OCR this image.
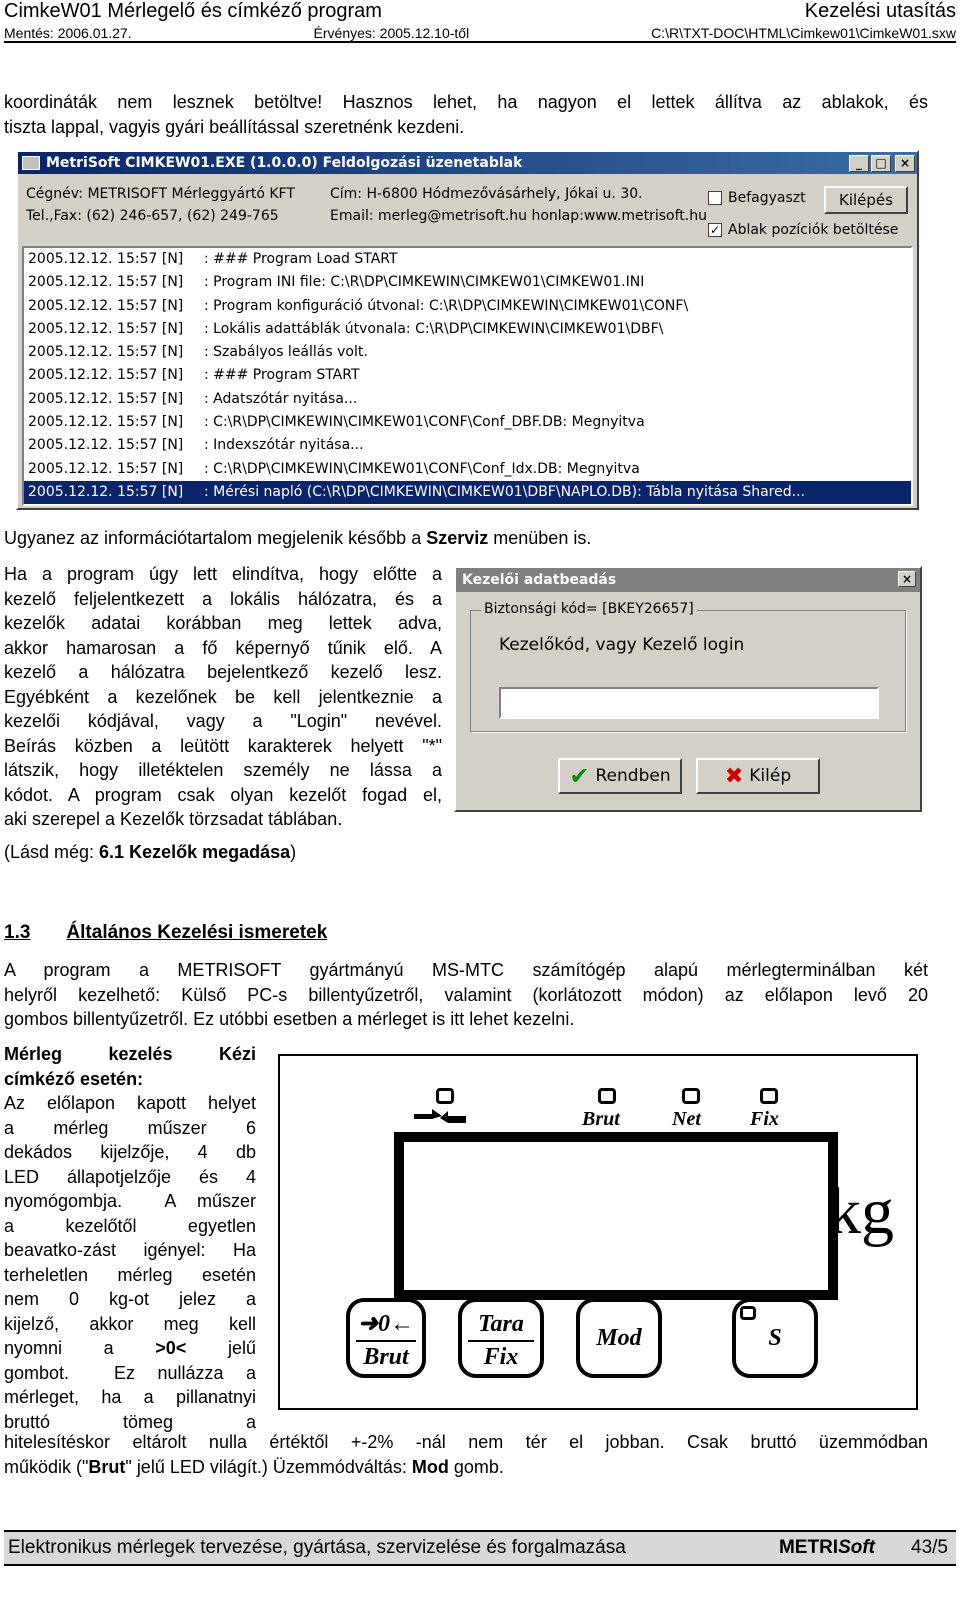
CimkeW01 Mérlegelő és címkéző program	Kezelési utasítás
Mentés: 2006.01.27.	Érvényes: 2005.12.10-től	C:\R\TXT-DOC\HTML\Cimkew01\CimkeW01.sxw
koordináták nem lesznek betöltve! Hasznos lehet, ha nagyon el lettek állítva az ablakok, és
tiszta lappal, vagyis gyári beállítással szeretnénk kezdeni.
MetriSoft CIMKEW01.EXE (1.0.0.0) Feldolgozási üzenetablak	_	□	×
Cégnév: METRISOFT Mérleggyártó KFT
Tel.,Fax: (62) 246-657, (62) 249-765
Cím: H-6800 Hódmezővásárhely, Jókai u. 30.
Email: merleg@metrisoft.hu honlap:www.metrisoft.hu
Befagyaszt	Kilépés
✓ Ablak pozíciók betöltése
2005.12.12. 15:57 [N]	: ### Program Load START
2005.12.12. 15:57 [N]	: Program INI file: C:\R\DP\CIMKEWIN\CIMKEW01\CIMKEW01.INI
2005.12.12. 15:57 [N]	: Program konfiguráció útvonal: C:\R\DP\CIMKEWIN\CIMKEW01\CONF\
2005.12.12. 15:57 [N]	: Lokális adattáblák útvonala: C:\R\DP\CIMKEWIN\CIMKEW01\DBF\
2005.12.12. 15:57 [N]	: Szabályos leállás volt.
2005.12.12. 15:57 [N]	: ### Program START
2005.12.12. 15:57 [N]	: Adatszótár nyitása...
2005.12.12. 15:57 [N]	: C:\R\DP\CIMKEWIN\CIMKEW01\CONF\Conf_DBF.DB: Megnyitva
2005.12.12. 15:57 [N]	: Indexszótár nyitása...
2005.12.12. 15:57 [N]	: C:\R\DP\CIMKEWIN\CIMKEW01\CONF\Conf_Idx.DB: Megnyitva
2005.12.12. 15:57 [N]	: Mérési napló (C:\R\DP\CIMKEWIN\CIMKEW01\DBF\NAPLO.DB): Tábla nyitása Shared...
Ugyanez az információtartalom megjelenik később a Szerviz menüben is.
Ha a program úgy lett elindítva, hogy előtte a
kezelő feljelentkezett a lokális hálózatra, és a
kezelők adatai korábban meg lettek adva,
akkor hamarosan a fő képernyő tűnik elő. A
kezelő a hálózatra bejelentkező kezelő lesz.
Egyébként a kezelőnek be kell jelentkeznie a
kezelői kódjával, vagy a "Login" nevével.
Beírás közben a leütött karakterek helyett "*"
látszik, hogy illetéktelen személy ne lássa a
kódot. A program csak olyan kezelőt fogad el,
aki szerepel a Kezelők törzsadat táblában.
(Lásd még: 6.1 Kezelők megadása)
Kezelői adatbeadás	×
Biztonsági kód= [BKEY26657]
Kezelőkód, vagy Kezelő login
✔ Rendben ✖ Kilép
1.3 Általános Kezelési ismeretek
A program a METRISOFT gyártmányú MS-MTC számítógép alapú mérlegterminálban két
helyről kezelhető: Külső PC-s billentyűzetről, valamint (korlátozott módon) az előlapon levő 20
gombos billentyűzetről. Ez utóbbi esetben a mérleget is itt lehet kezelni.
Mérleg     kezelés     Kézi
címkéző esetén:
Az előlapon kapott helyet
a  mérleg  műszer  6
dekádos kijelzője, 4 db
LED  állapotjelzője  és  4
nyomógombja.  A műszer
a   kezelőtől   egyetlen
beavatko-zást igényel: Ha
terheletlen mérleg esetén
nem  0  kg-ot  jelez  a
kijelző,  akkor  meg  kell
nyomni  a  >0<  jelű
gombot.  Ez nullázza a
mérleget, ha a pillanatnyi
bruttó    tömeg    a
hitelesítéskor eltárolt nulla értéktől +-2% -nál nem tér el jobban. Csak bruttó üzemmódban
működik ("Brut" jelű LED világít.) Üzemmódváltás: Mod gomb.
Brut	Net Fix
kg
➜0←
Brut
Tara
Fix
Mod	S
Elektronikus mérlegek tervezése, gyártása, szervizelése és forgalmazása	METRISoft 43/5
